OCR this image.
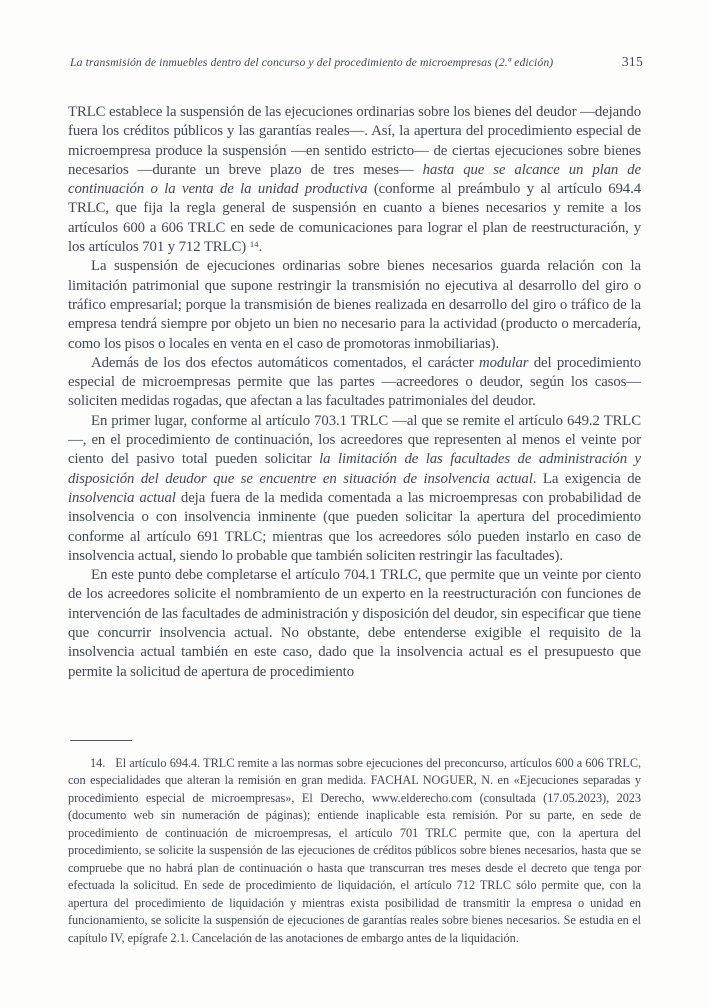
La transmisión de inmuebles dentro del concurso y del procedimiento de microempresas (2.ª edición)	315

TRLC establece la suspensión de las ejecuciones ordinarias sobre los bienes del deudor —dejando fuera los créditos públicos y las garantías reales—. Así, la apertura del procedimiento especial de microempresa produce la suspensión —en sentido estricto— de ciertas ejecuciones sobre bienes necesarios —durante un breve plazo de tres meses— hasta que se alcance un plan de continuación o la venta de la unidad productiva (conforme al preámbulo y al artículo 694.4 TRLC, que fija la regla general de suspensión en cuanto a bienes necesarios y remite a los artículos 600 a 606 TRLC en sede de comunicaciones para lograr el plan de reestructuración, y los artículos 701 y 712 TRLC) $^{14}$.

La suspensión de ejecuciones ordinarias sobre bienes necesarios guarda relación con la limitación patrimonial que supone restringir la transmisión no ejecutiva al desarrollo del giro o tráfico empresarial; porque la transmisión de bienes realizada en desarrollo del giro o tráfico de la empresa tendrá siempre por objeto un bien no necesario para la actividad (producto o mercadería, como los pisos o locales en venta en el caso de promotoras inmobiliarias).

Además de los dos efectos automáticos comentados, el carácter modular del procedimiento especial de microempresas permite que las partes —acreedores o deudor, según los casos— soliciten medidas rogadas, que afectan a las facultades patrimoniales del deudor.

En primer lugar, conforme al artículo 703.1 TRLC —al que se remite el artículo 649.2 TRLC—, en el procedimiento de continuación, los acreedores que representen al menos el veinte por ciento del pasivo total pueden solicitar la limitación de las facultades de administración y disposición del deudor que se encuentre en situación de insolvencia actual. La exigencia de insolvencia actual deja fuera de la medida comentada a las microempresas con probabilidad de insolvencia o con insolvencia inminente (que pueden solicitar la apertura del procedimiento conforme al artículo 691 TRLC; mientras que los acreedores sólo pueden instarlo en caso de insolvencia actual, siendo lo probable que también soliciten restringir las facultades).

En este punto debe completarse el artículo 704.1 TRLC, que permite que un veinte por ciento de los acreedores solicite el nombramiento de un experto en la reestructuración con funciones de intervención de las facultades de administración y disposición del deudor, sin especificar que tiene que concurrir insolvencia actual. No obstante, debe entenderse exigible el requisito de la insolvencia actual también en este caso, dado que la insolvencia actual es el presupuesto que permite la solicitud de apertura de procedimiento

14. El artículo 694.4. TRLC remite a las normas sobre ejecuciones del preconcurso, artículos 600 a 606 TRLC, con especialidades que alteran la remisión en gran medida. FACHAL NOGUER, N. en «Ejecuciones separadas y procedimiento especial de microempresas», El Derecho, www.elderecho.com (consultada (17.05.2023), 2023 (documento web sin numeración de páginas); entiende inaplicable esta remisión. Por su parte, en sede de procedimiento de continuación de microempresas, el artículo 701 TRLC permite que, con la apertura del procedimiento, se solicite la suspensión de las ejecuciones de créditos públicos sobre bienes necesarios, hasta que se compruebe que no habrá plan de continuación o hasta que transcurran tres meses desde el decreto que tenga por efectuada la solicitud. En sede de procedimiento de liquidación, el artículo 712 TRLC sólo permite que, con la apertura del procedimiento de liquidación y mientras exista posibilidad de transmitir la empresa o unidad en funcionamiento, se solicite la suspensión de ejecuciones de garantías reales sobre bienes necesarios. Se estudia en el capítulo IV, epígrafe 2.1. Cancelación de las anotaciones de embargo antes de la liquidación.
